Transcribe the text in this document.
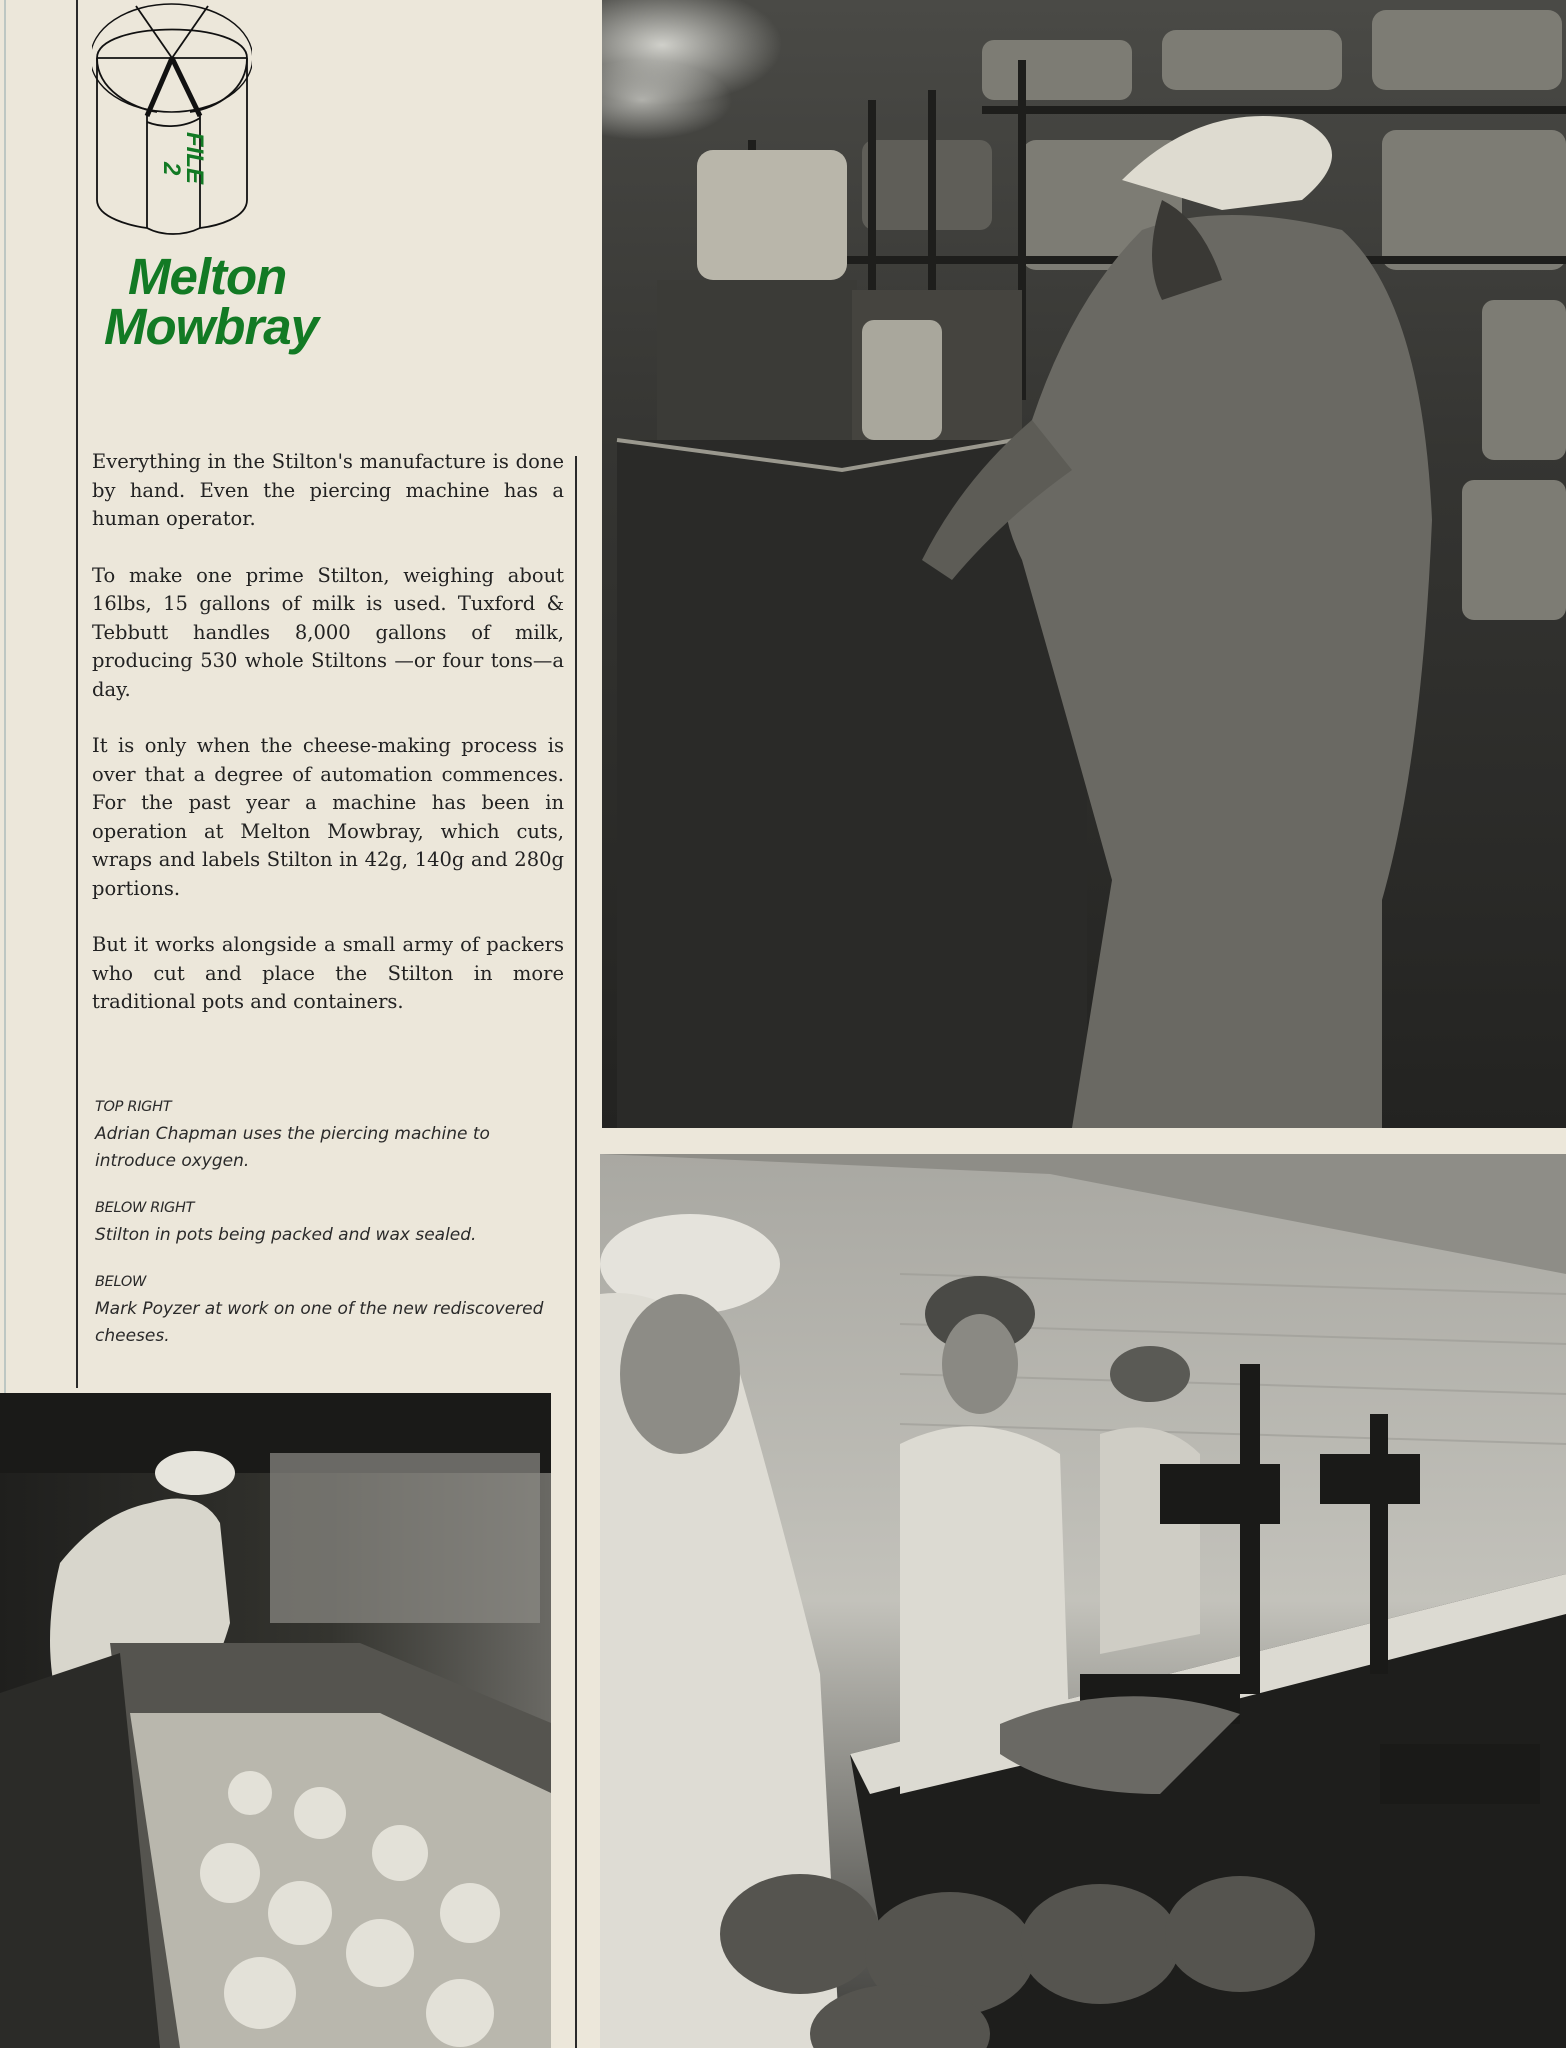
FILE
2
Melton
Mowbray

Everything in the Stilton's manufacture is done by hand. Even the piercing machine has a human operator.

To make one prime Stilton, weighing about 16lbs, 15 gallons of milk is used. Tuxford & Tebbutt handles 8,000 gallons of milk, producing 530 whole Stiltons —or four tons—a day.

It is only when the cheese-making process is over that a degree of automation commences. For the past year a machine has been in operation at Melton Mowbray, which cuts, wraps and labels Stilton in 42g, 140g and 280g portions.

But it works alongside a small army of packers who cut and place the Stilton in more traditional pots and containers.

TOP RIGHT
Adrian Chapman uses the piercing machine to introduce oxygen.
BELOW RIGHT
Stilton in pots being packed and wax sealed.
BELOW
Mark Poyzer at work on one of the new rediscovered cheeses.
